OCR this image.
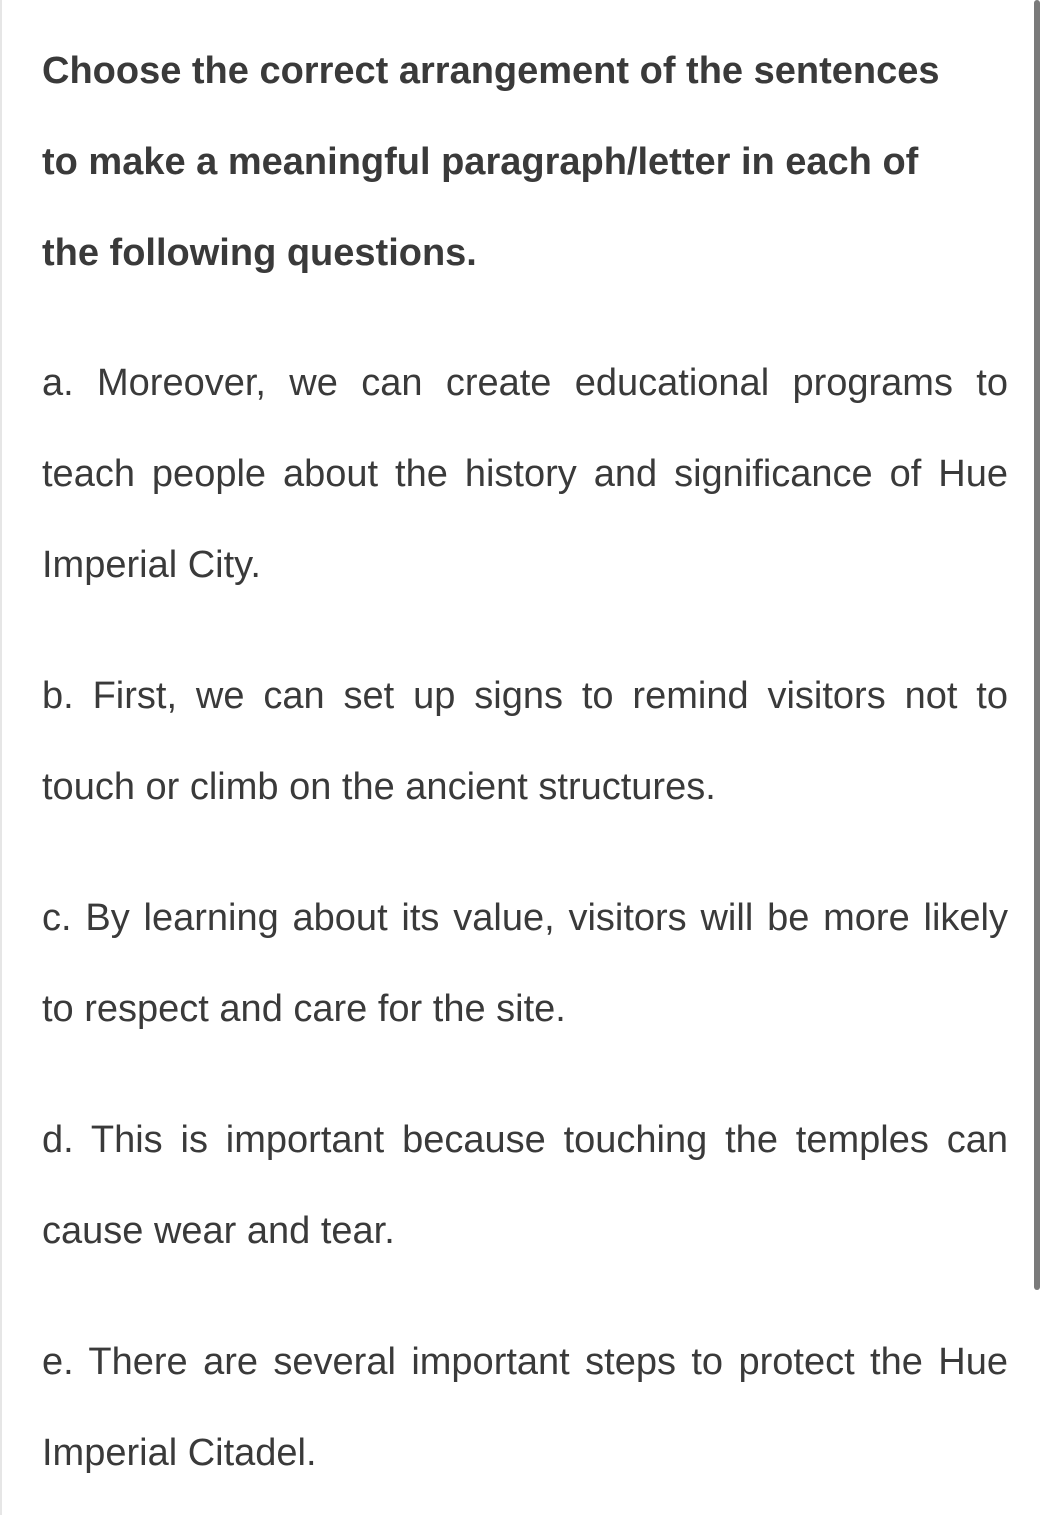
Choose the correct arrangement of the sentences
to make a meaningful paragraph/letter in each of
the following questions.

a. Moreover, we can create educational programs to teach people about the history and significance of Hue Imperial City.

b. First, we can set up signs to remind visitors not to touch or climb on the ancient structures.

c. By learning about its value, visitors will be more likely to respect and care for the site.

d. This is important because touching the temples can cause wear and tear.

e. There are several important steps to protect the Hue Imperial Citadel.
